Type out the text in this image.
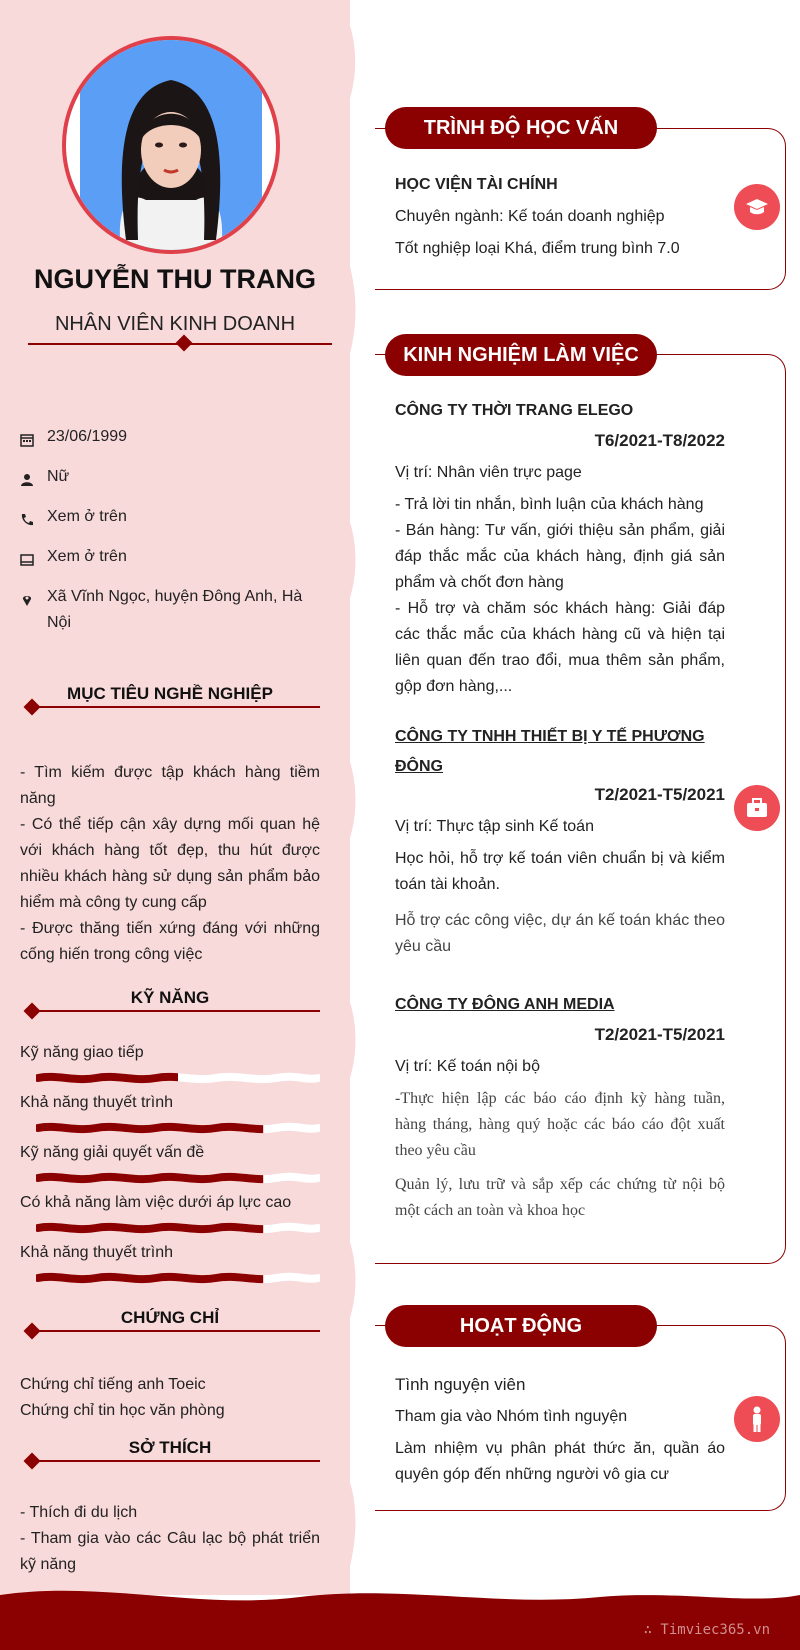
NGUYỄN THU TRANG
NHÂN VIÊN KINH DOANH
23/06/1999
Nữ
Xem ở trên
Xem ở trên
Xã Vĩnh Ngọc, huyện Đông Anh, Hà Nội
MỤC TIÊU NGHỀ NGHIỆP
- Tìm kiếm được tập khách hàng tiềm năng
- Có thể tiếp cận xây dựng mối quan hệ với khách hàng tốt đẹp, thu hút được nhiều khách hàng sử dụng sản phẩm bảo hiểm mà công ty cung cấp
- Được thăng tiến xứng đáng với những cống hiến trong công việc
KỸ NĂNG
Kỹ năng giao tiếp
Khả năng thuyết trình
Kỹ năng giải quyết vấn đề
Có khả năng làm việc dưới áp lực cao
Khả năng thuyết trình
CHỨNG CHỈ
Chứng chỉ tiếng anh Toeic
Chứng chỉ tin học văn phòng
SỞ THÍCH
- Thích đi du lịch
- Tham gia vào các Câu lạc bộ phát triển kỹ năng
TRÌNH ĐỘ HỌC VẤN
HỌC VIỆN TÀI CHÍNH
Chuyên ngành: Kế toán doanh nghiệp
Tốt nghiệp loại Khá, điểm trung bình 7.0
KINH NGHIỆM LÀM VIỆC
CÔNG TY THỜI TRANG ELEGO
T6/2021-T8/2022
Vị trí: Nhân viên trực page
- Trả lời tin nhắn, bình luận của khách hàng
- Bán hàng: Tư vấn, giới thiệu sản phẩm, giải đáp thắc mắc của khách hàng, định giá sản phẩm và chốt đơn hàng
- Hỗ trợ và chăm sóc khách hàng: Giải đáp các thắc mắc của khách hàng cũ và hiện tại liên quan đến trao đổi, mua thêm sản phẩm, gộp đơn hàng,...
CÔNG TY TNHH THIẾT BỊ Y TẾ PHƯƠNG ĐÔNG
T2/2021-T5/2021
Vị trí: Thực tập sinh Kế toán
Học hỏi, hỗ trợ kế toán viên chuẩn bị và kiểm toán tài khoản.
Hỗ trợ các công việc, dự án kế toán khác theo yêu cầu
CÔNG TY ĐÔNG ANH MEDIA
T2/2021-T5/2021
Vị trí: Kế toán nội bộ
-Thực hiện lập các báo cáo định kỳ hàng tuần, hàng tháng, hàng quý hoặc các báo cáo đột xuất theo yêu cầu
Quản lý, lưu trữ và sắp xếp các chứng từ nội bộ một cách an toàn và khoa học
HOẠT ĐỘNG
Tình nguyện viên
Tham gia vào Nhóm tình nguyện
Làm nhiệm vụ phân phát thức ăn, quần áo quyên góp đến những người vô gia cư
∴ Timviec365.vn
